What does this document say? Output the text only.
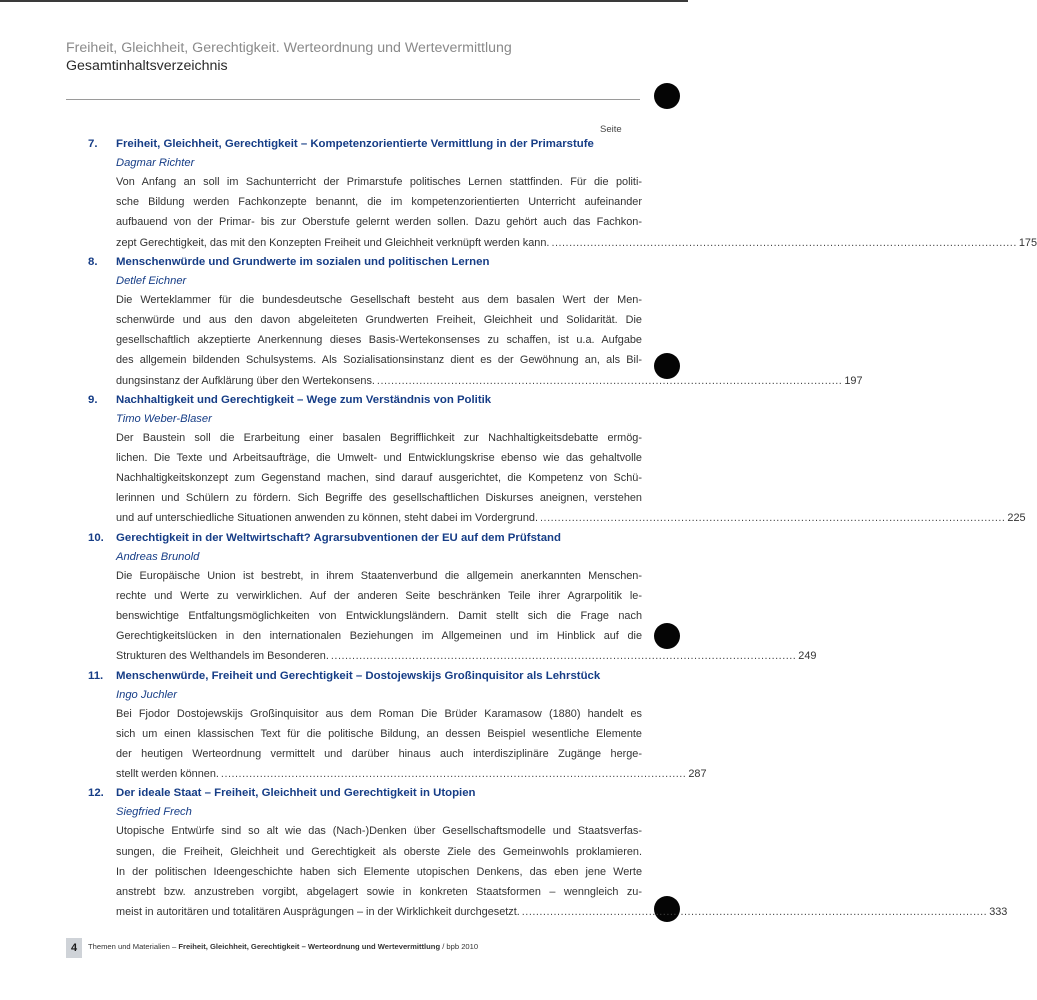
Freiheit, Gleichheit, Gerechtigkeit. Werteordnung und Wertevermittlung
Gesamtinhaltsverzeichnis
Seite
7. Freiheit, Gleichheit, Gerechtigkeit – Kompetenzorientierte Vermittlung in der Primarstufe
Dagmar Richter
Von Anfang an soll im Sachunterricht der Primarstufe politisches Lernen stattfinden. Für die politi-
sche Bildung werden Fachkonzepte benannt, die im kompetenzorientierten Unterricht aufeinander
aufbauend von der Primar- bis zur Oberstufe gelernt werden sollen. Dazu gehört auch das Fachkon-
zept Gerechtigkeit, das mit den Konzepten Freiheit und Gleichheit verknüpft werden kann. .................................................................................................................................... 175
8. Menschenwürde und Grundwerte im sozialen und politischen Lernen
Detlef Eichner
Die Werteklammer für die bundesdeutsche Gesellschaft besteht aus dem basalen Wert der Men-
schenwürde und aus den davon abgeleiteten Grundwerten Freiheit, Gleichheit und Solidarität. Die
gesellschaftlich akzeptierte Anerkennung dieses Basis-Wertekonsenses zu schaffen, ist u.a. Aufgabe
des allgemein bildenden Schulsystems. Als Sozialisationsinstanz dient es der Gewöhnung an, als Bil-
dungsinstanz der Aufklärung über den Wertekonsens. .................................................................................................................................... 197
9. Nachhaltigkeit und Gerechtigkeit – Wege zum Verständnis von Politik
Timo Weber-Blaser
Der Baustein soll die Erarbeitung einer basalen Begrifflichkeit zur Nachhaltigkeitsdebatte ermög-
lichen. Die Texte und Arbeitsaufträge, die Umwelt- und Entwicklungskrise ebenso wie das gehaltvolle
Nachhaltigkeitskonzept zum Gegenstand machen, sind darauf ausgerichtet, die Kompetenz von Schü-
lerinnen und Schülern zu fördern. Sich Begriffe des gesellschaftlichen Diskurses aneignen, verstehen
und auf unterschiedliche Situationen anwenden zu können, steht dabei im Vordergrund. .................................................................................................................................... 225
10. Gerechtigkeit in der Weltwirtschaft? Agrarsubventionen der EU auf dem Prüfstand
Andreas Brunold
Die Europäische Union ist bestrebt, in ihrem Staatenverbund die allgemein anerkannten Menschen-
rechte und Werte zu verwirklichen. Auf der anderen Seite beschränken Teile ihrer Agrarpolitik le-
benswichtige Entfaltungsmöglichkeiten von Entwicklungsländern. Damit stellt sich die Frage nach
Gerechtigkeitslücken in den internationalen Beziehungen im Allgemeinen und im Hinblick auf die
Strukturen des Welthandels im Besonderen. .................................................................................................................................... 249
11. Menschenwürde, Freiheit und Gerechtigkeit – Dostojewskijs Großinquisitor als Lehrstück
Ingo Juchler
Bei Fjodor Dostojewskijs Großinquisitor aus dem Roman Die Brüder Karamasow (1880) handelt es
sich um einen klassischen Text für die politische Bildung, an dessen Beispiel wesentliche Elemente
der heutigen Werteordnung vermittelt und darüber hinaus auch interdisziplinäre Zugänge herge-
stellt werden können. .................................................................................................................................... 287
12. Der ideale Staat – Freiheit, Gleichheit und Gerechtigkeit in Utopien
Siegfried Frech
Utopische Entwürfe sind so alt wie das (Nach-)Denken über Gesellschaftsmodelle und Staatsverfas-
sungen, die Freiheit, Gleichheit und Gerechtigkeit als oberste Ziele des Gemeinwohls proklamieren.
In der politischen Ideengeschichte haben sich Elemente utopischen Denkens, das eben jene Werte
anstrebt bzw. anzustreben vorgibt, abgelagert sowie in konkreten Staatsformen – wenngleich zu-
meist in autoritären und totalitären Ausprägungen – in der Wirklichkeit durchgesetzt. .................................................................................................................................... 333
4	Themen und Materialien – Freiheit, Gleichheit, Gerechtigkeit – Werteordnung und Wertevermittlung / bpb 2010
